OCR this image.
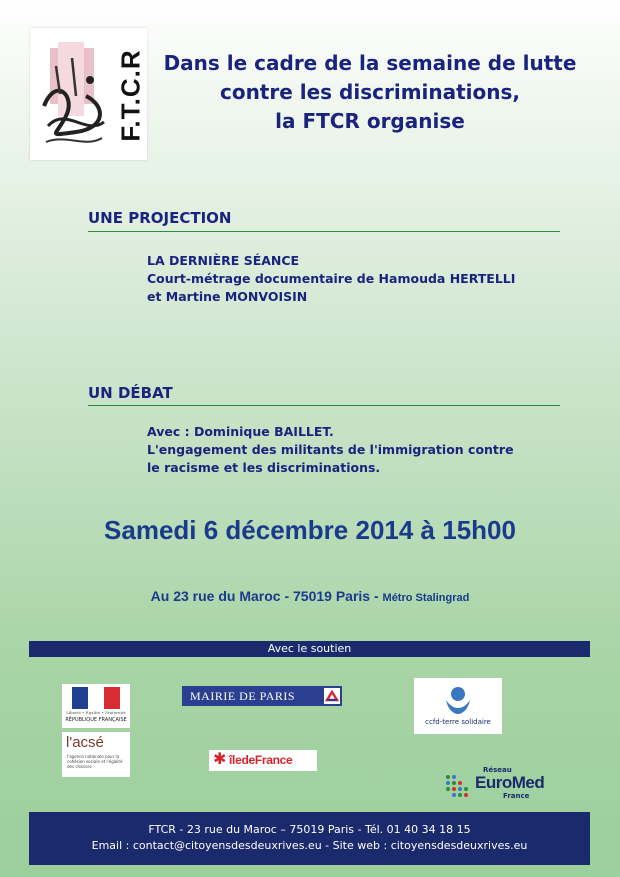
F.T.C.R Dans le cadre de la semaine de lutte
contre les discriminations,
la FTCR organise
UNE PROJECTION
LA DERNIÈRE SÉANCE
Court-métrage documentaire de Hamouda HERTELLI
et Martine MONVOISIN
UN DÉBAT
Avec : Dominique BAILLET.
L'engagement des militants de l'immigration contre
le racisme et les discriminations.
Samedi 6 décembre 2014 à 15h00
Au 23 rue du Maroc - 75019 Paris - Métro Stalingrad
Avec le soutien
Liberté • Égalité • Fraternité
RÉPUBLIQUE FRANÇAISE
l'acsé
l'agence nationale pour la cohésion sociale et l'égalité des chances
MAIRIE DE PARIS
ccfd-terre solidaire
✱ îledeFrance
Réseau
EuroMed
France
FTCR - 23 rue du Maroc – 75019 Paris - Tél. 01 40 34 18 15
Email : contact@citoyensdesdeuxrives.eu - Site web : citoyensdesdeuxrives.eu
